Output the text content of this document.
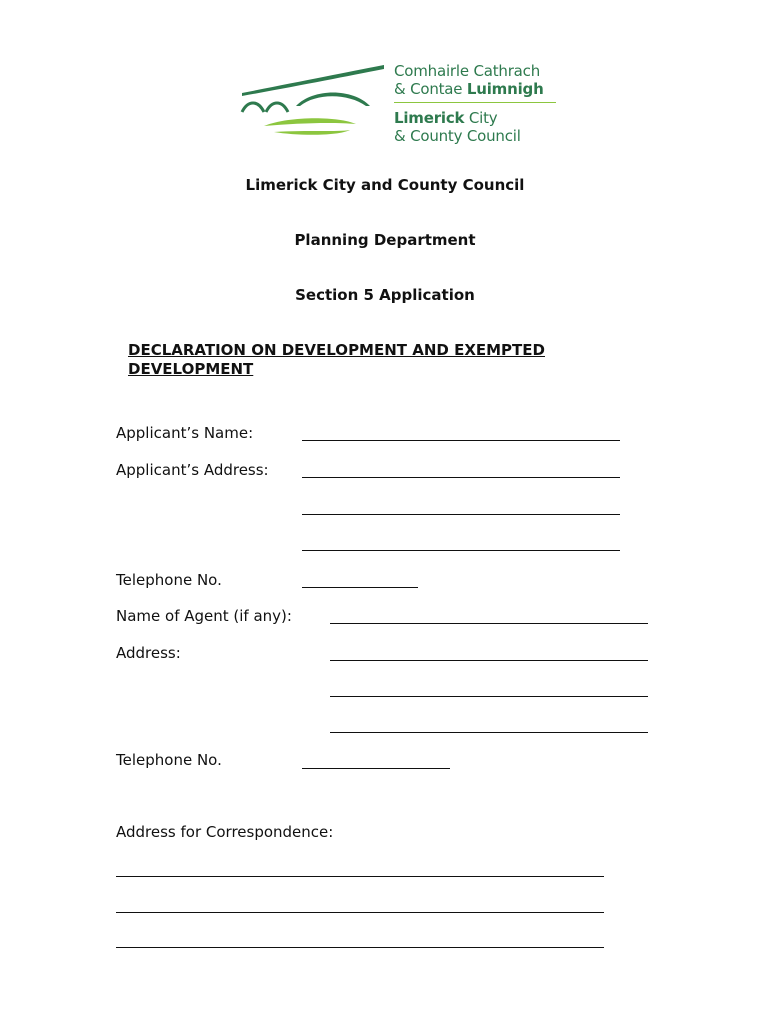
Comhairle Cathrach
& Contae Luimnigh
Limerick City
& County Council
Limerick City and County Council
Planning Department
Section 5 Application
DECLARATION ON DEVELOPMENT AND EXEMPTED
DEVELOPMENT
Applicant’s Name:
Applicant’s Address:
Telephone No.
Name of Agent (if any):
Address:
Telephone No.
Address for Correspondence:
